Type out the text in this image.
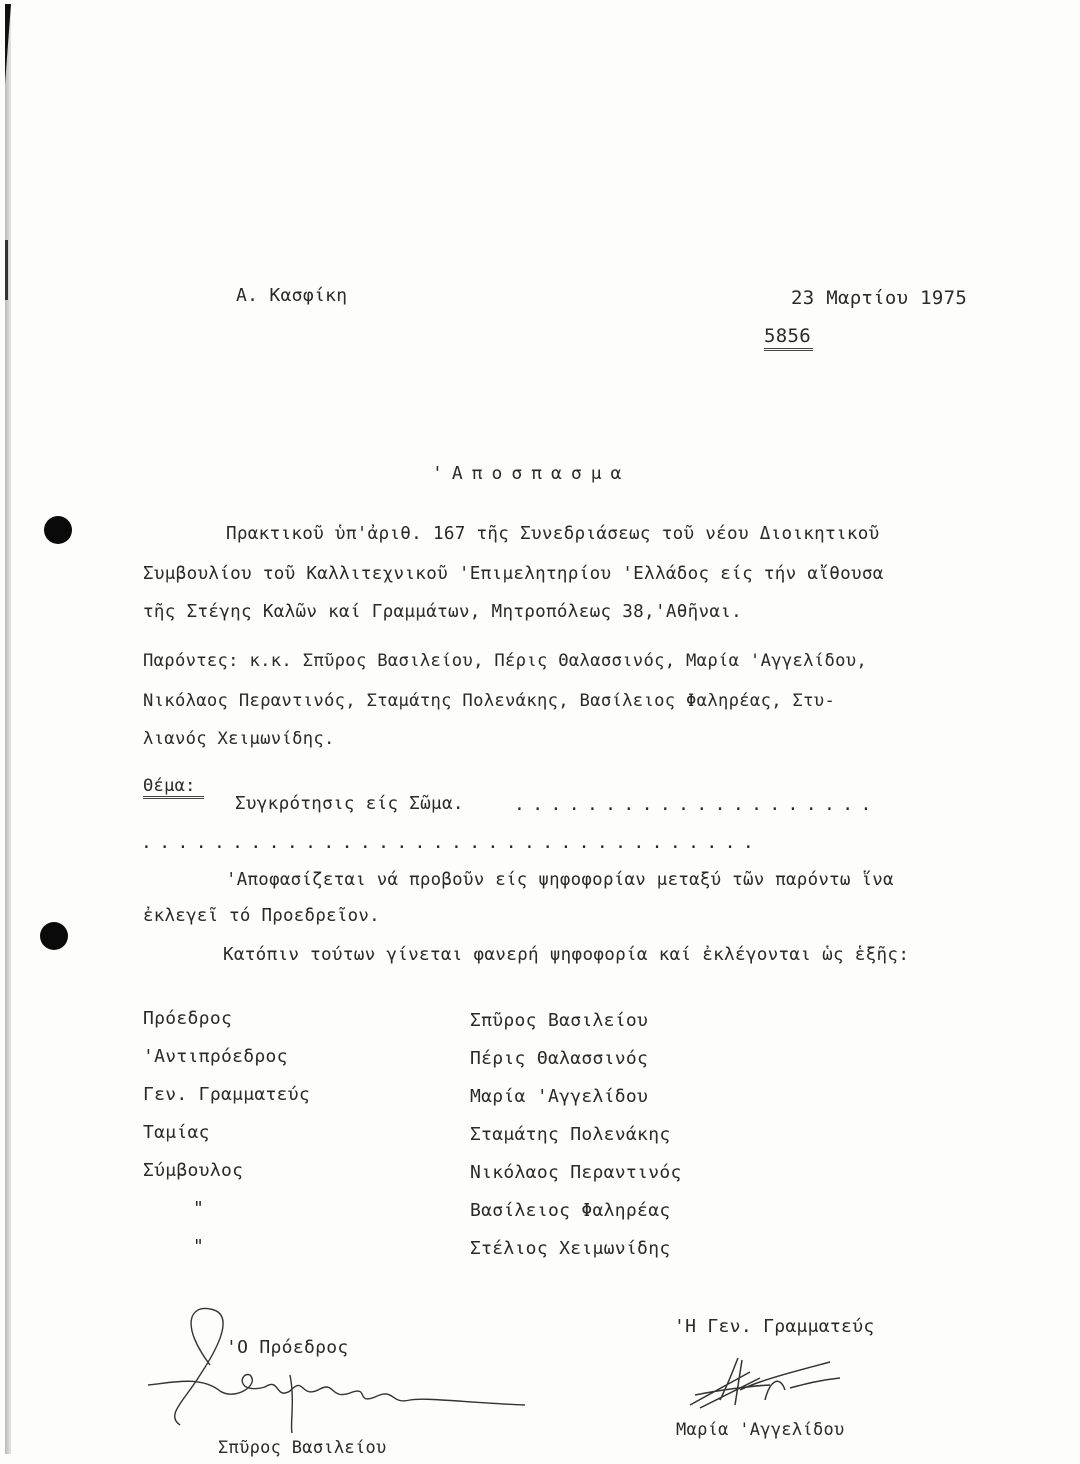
Α. Κασφίκη	23 Μαρτίου 1975
5856
'Αποσπασμα
Πρακτικοῦ ὑπ'ἀριθ. 167 τῆς Συνεδριάσεως τοῦ νέου Διοικητικοῦ
Συμβουλίου τοῦ Καλλιτεχνικοῦ 'Επιμελητηρίου 'Ελλάδος είς τήν αἴθουσα
τῆς Στέγης Καλῶν καί Γραμμάτων, Μητροπόλεως 38,'Αθῆναι.
Παρόντες: κ.κ. Σπῦρος Βασιλείου, Πέρις Θαλασσινός, Μαρία 'Αγγελίδου,
Νικόλαος Περαντινός, Σταμάτης Πολενάκης, Βασίλειος Φαληρέας, Στυ-
λιανός Χειμωνίδης.
Θέμα:
Συγκρότησις είς Σῶμα.	....................
..................................
'Αποφασίζεται νά προβοῦν είς ψηφοφορίαν μεταξύ τῶν παρόντω ἵνα
ἐκλεγεῖ τό Προεδρεῖον.
Κατόπιν τούτων γίνεται φανερή ψηφοφορία καί ἐκλέγονται ὡς ἑξῆς:
Πρόεδρος	Σπῦρος Βασιλείου
'Αντιπρόεδρος	Πέρις Θαλασσινός
Γεν. Γραμματεύς	Μαρία 'Αγγελίδου
Ταμίας	Σταμάτης Πολενάκης
Σύμβουλος	Νικόλαος Περαντινός
"	Βασίλειος Φαληρέας
"	Στέλιος Χειμωνίδης
'Ο Πρόεδρος
Σπῦρος Βασιλείου
'Η Γεν. Γραμματεύς
Μαρία 'Αγγελίδου
